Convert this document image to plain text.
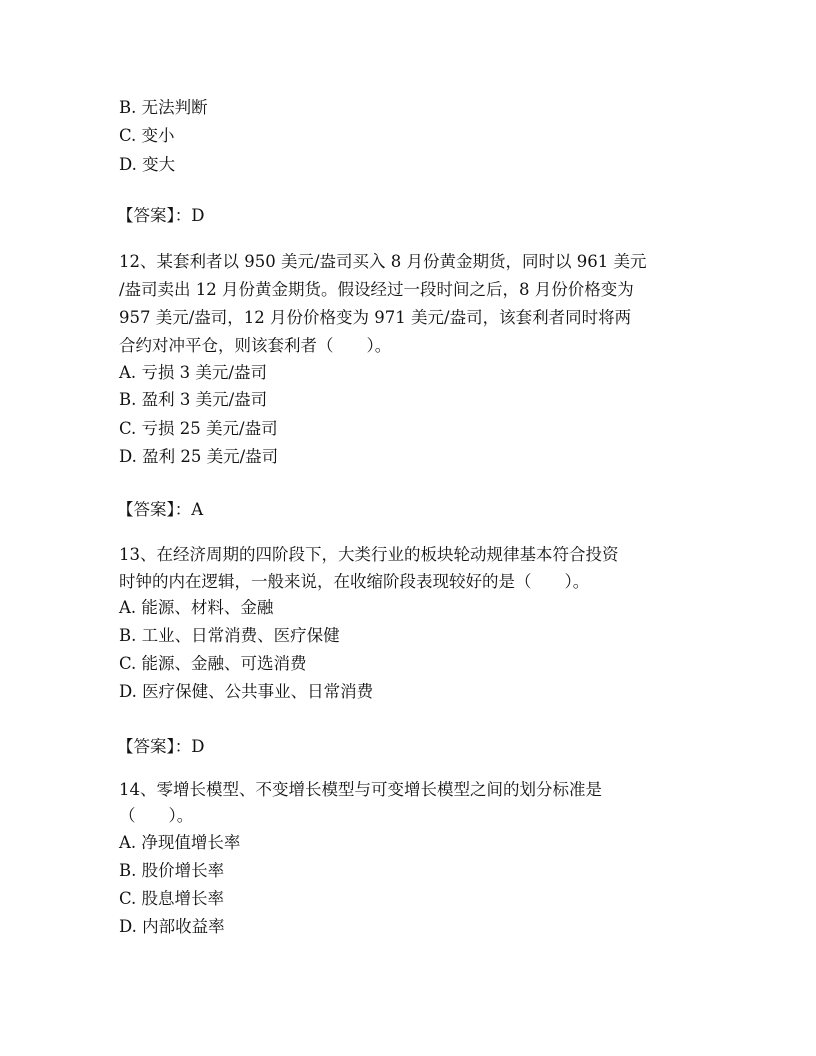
B. 无法判断
C. 变小
D. 变大
【答案】：D
12、某套利者以 950 美元/盎司买入 8 月份黄金期货，同时以 961 美元
/盎司卖出 12 月份黄金期货。假设经过一段时间之后，8 月份价格变为
957 美元/盎司，12 月份价格变为 971 美元/盎司，该套利者同时将两
合约对冲平仓，则该套利者（　　）。
A. 亏损 3 美元/盎司
B. 盈利 3 美元/盎司
C. 亏损 25 美元/盎司
D. 盈利 25 美元/盎司
【答案】：A
13、在经济周期的四阶段下，大类行业的板块轮动规律基本符合投资
时钟的内在逻辑，一般来说，在收缩阶段表现较好的是（　　）。
A. 能源、材料、金融
B. 工业、日常消费、医疗保健
C. 能源、金融、可选消费
D. 医疗保健、公共事业、日常消费
【答案】：D
14、零增长模型、不变增长模型与可变增长模型之间的划分标准是
（　　）。
A. 净现值增长率
B. 股价增长率
C. 股息增长率
D. 内部收益率
